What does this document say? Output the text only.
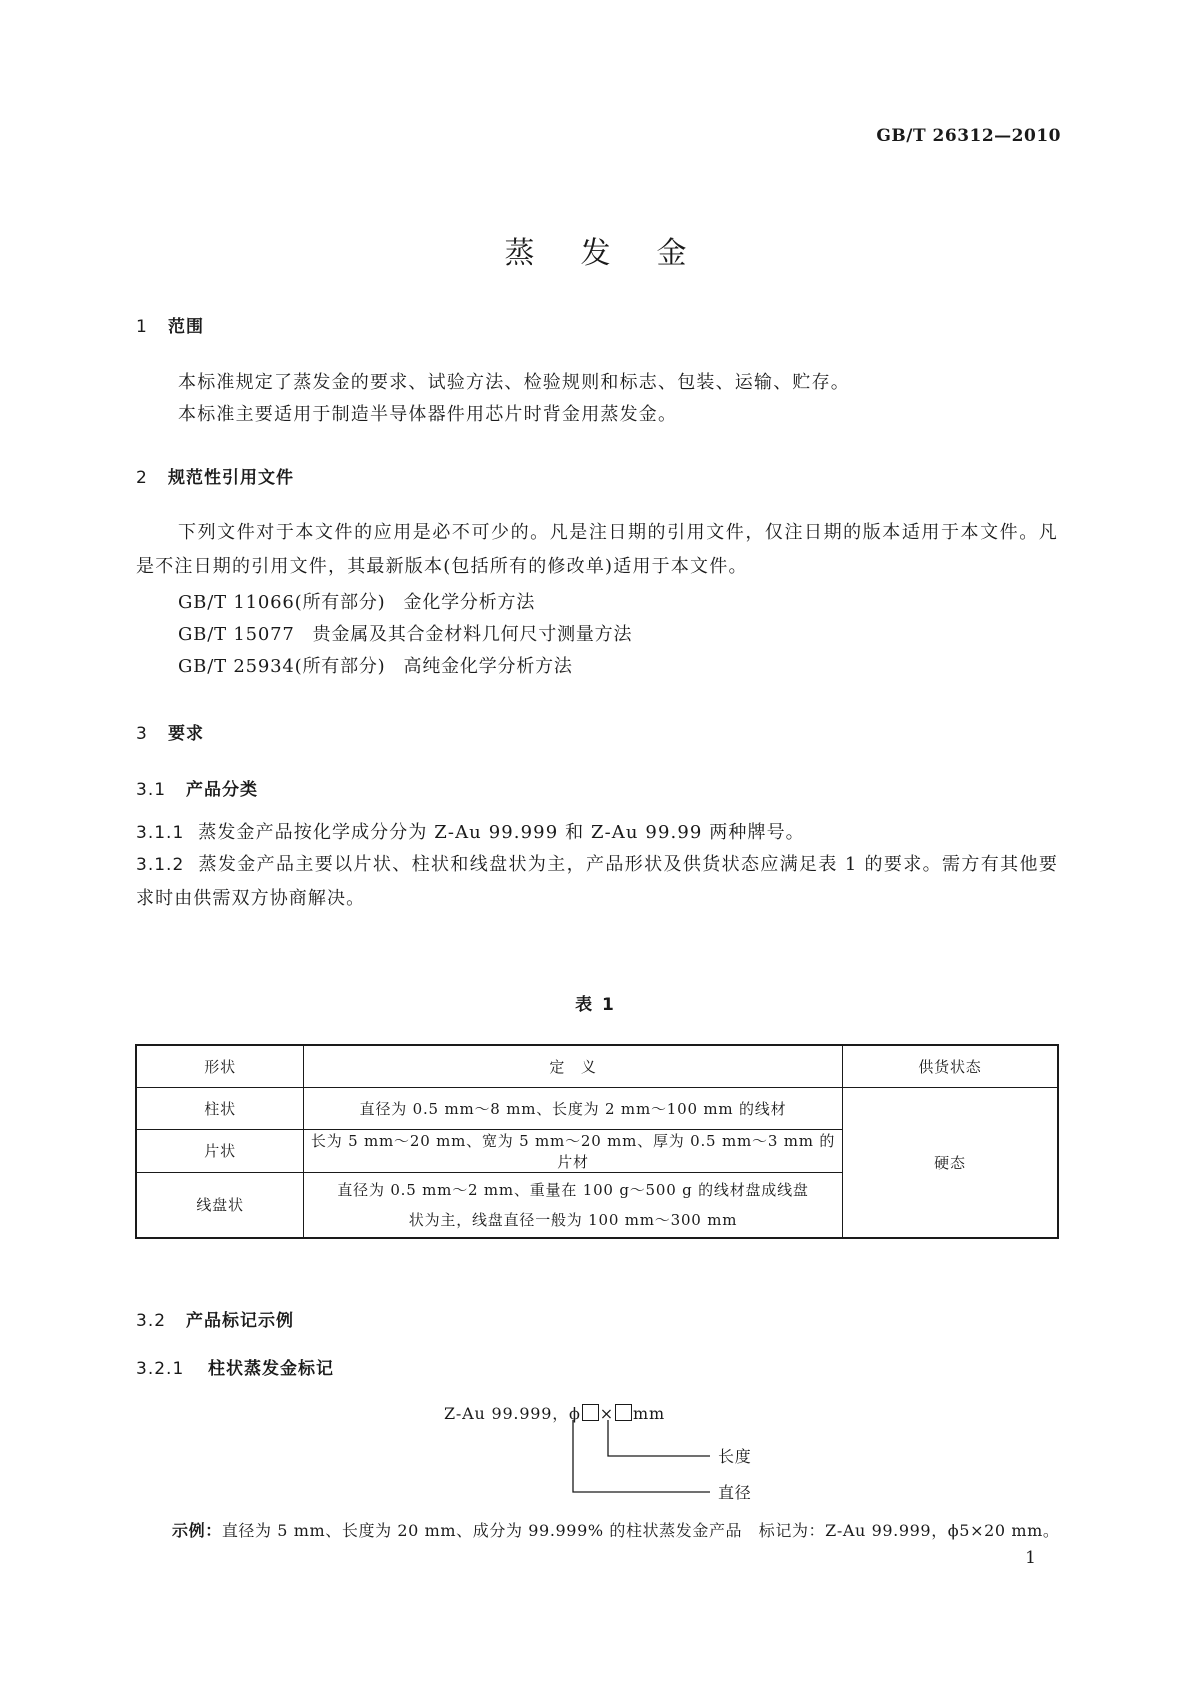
GB/T 26312—2010
蒸发金
1 范围
本标准规定了蒸发金的要求、试验方法、检验规则和标志、包装、运输、贮存。
本标准主要适用于制造半导体器件用芯片时背金用蒸发金。
2 规范性引用文件
下列文件对于本文件的应用是必不可少的。凡是注日期的引用文件，仅注日期的版本适用于本文件。凡是不注日期的引用文件，其最新版本(包括所有的修改单)适用于本文件。
GB/T 11066(所有部分) 金化学分析方法
GB/T 15077 贵金属及其合金材料几何尺寸测量方法
GB/T 25934(所有部分) 高纯金化学分析方法
3 要求
3.1 产品分类
3.1.1 蒸发金产品按化学成分分为 Z-Au 99.999 和 Z-Au 99.99 两种牌号。
3.1.2 蒸发金产品主要以片状、柱状和线盘状为主，产品形状及供货状态应满足表 1 的要求。需方有其他要求时由供需双方协商解决。
表 1
形状	定　义	供货状态
柱状	直径为 0.5 mm～8 mm、长度为 2 mm～100 mm 的线材	硬态
片状	长为 5 mm～20 mm、宽为 5 mm～20 mm、厚为 0.5 mm～3 mm 的片材	
线盘状	直径为 0.5 mm～2 mm、重量在 100 g～500 g 的线材盘成线盘
状为主，线盘直径一般为 100 mm～300 mm	
3.2 产品标记示例
3.2.1 柱状蒸发金标记
Z-Au 99.999，ϕ × mm
长度
直径
示例：直径为 5 mm、长度为 20 mm、成分为 99.999% 的柱状蒸发金产品　标记为：Z-Au 99.999，ϕ5×20 mm。
1
